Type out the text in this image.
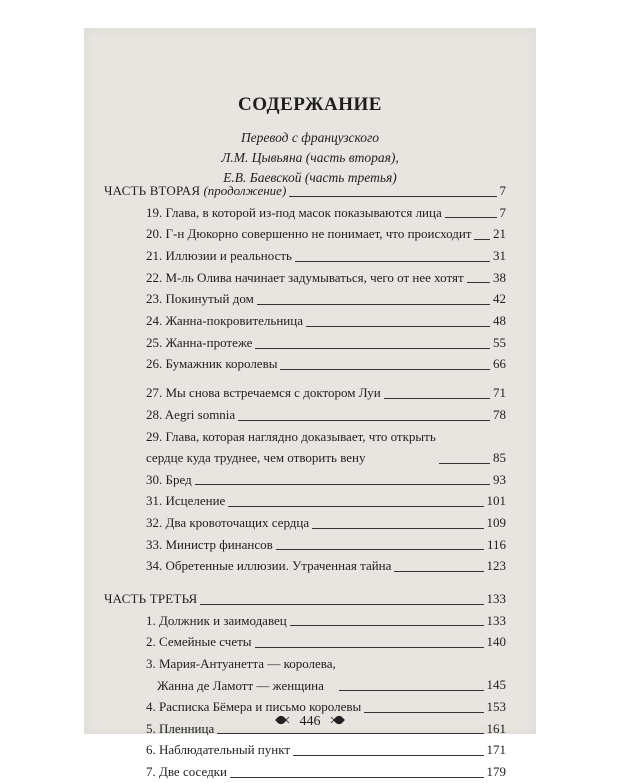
СОДЕРЖАНИЕ
Перевод с французского
Л.М. Цывьяна (часть вторая),
Е.В. Баевской (часть третья)
446
ЧАСТЬ ВТОРАЯ (продолжение)	7
19. Глава, в которой из-под масок показываются лица	7
20. Г-н Дюкорно совершенно не понимает, что происходит 21
21. Иллюзии и реальность	31
22. М-ль Олива начинает задумываться, чего от нее хотят 38
23. Покинутый дом	42
24. Жанна-покровительница	48
25. Жанна-протеже	55
26. Бумажник королевы	66
27. Мы снова встречаемся с доктором Луи	71
28. Aegri somnia	78
29. Глава, которая наглядно доказывает, что открыть
сердце куда труднее, чем отворить вену	85
30. Бред	93
31. Исцеление	101
32. Два кровоточащих сердца	109
33. Министр финансов	116
34. Обретенные иллюзии. Утраченная тайна	123
ЧАСТЬ ТРЕТЬЯ	133
1. Должник и заимодавец	133
2. Семейные счеты	140
3. Мария-Антуанетта — королева,
Жанна де Ламотт — женщина	145
4. Расписка Бёмера и письмо королевы	153
5. Пленница	161
6. Наблюдательный пункт	171
7. Две соседки	179
